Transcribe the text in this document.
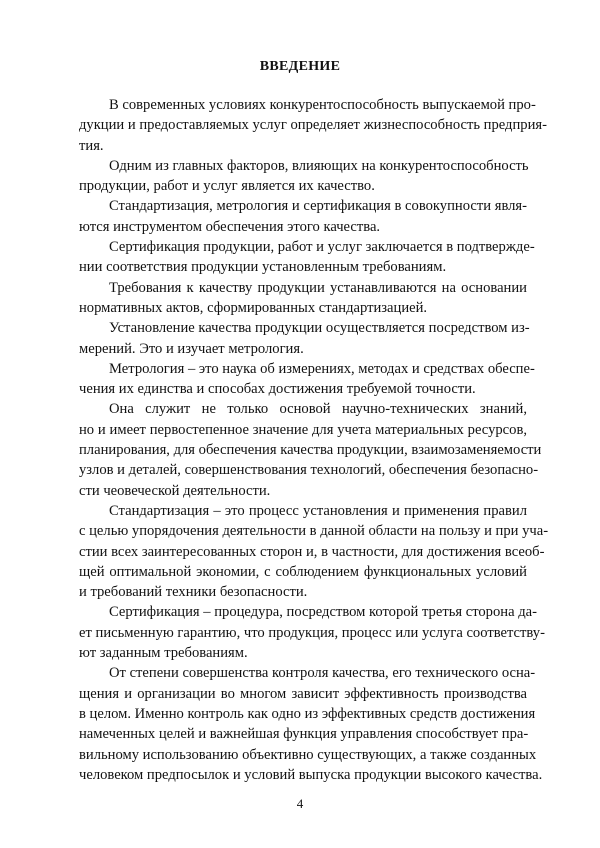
ВВЕДЕНИЕ
В современных условиях конкурентоспособность выпускаемой про-
дукции и предоставляемых услуг определяет жизнеспособность предприя-
тия.
Одним из главных факторов, влияющих на конкурентоспособность
продукции, работ и услуг является их качество.
Стандартизация, метрология и сертификация в совокупности явля-
ются инструментом обеспечения этого качества.
Сертификация продукции, работ и услуг заключается в подтвержде-
нии соответствия продукции установленным требованиям.
Требования к качеству продукции устанавливаются на основании
нормативных актов, сформированных стандартизацией.
Установление качества продукции осуществляется посредством из-
мерений. Это и изучает метрология.
Метрология – это наука об измерениях, методах и средствах обеспе-
чения их единства и способах достижения требуемой точности.
Она служит не только основой научно-технических знаний,
но и имеет первостепенное значение для учета материальных ресурсов,
планирования, для обеспечения качества продукции, взаимозаменяемости
узлов и деталей, совершенствования технологий, обеспечения безопасно-
сти чеовеческой деятельности.
Стандартизация – это процесс установления и применения правил
с целью упорядочения деятельности в данной области на пользу и при уча-
стии всех заинтересованных сторон и, в частности, для достижения всеоб-
щей оптимальной экономии, с соблюдением функциональных условий
и требований техники безопасности.
Сертификация – процедура, посредством которой третья сторона да-
ет письменную гарантию, что продукция, процесс или услуга соответству-
ют заданным требованиям.
От степени совершенства контроля качества, его технического осна-
щения и организации во многом зависит эффективность производства
в целом. Именно контроль как одно из эффективных средств достижения
намеченных целей и важнейшая функция управления способствует пра-
вильному использованию объективно существующих, а также созданных
человеком предпосылок и условий выпуска продукции высокого качества.
4
